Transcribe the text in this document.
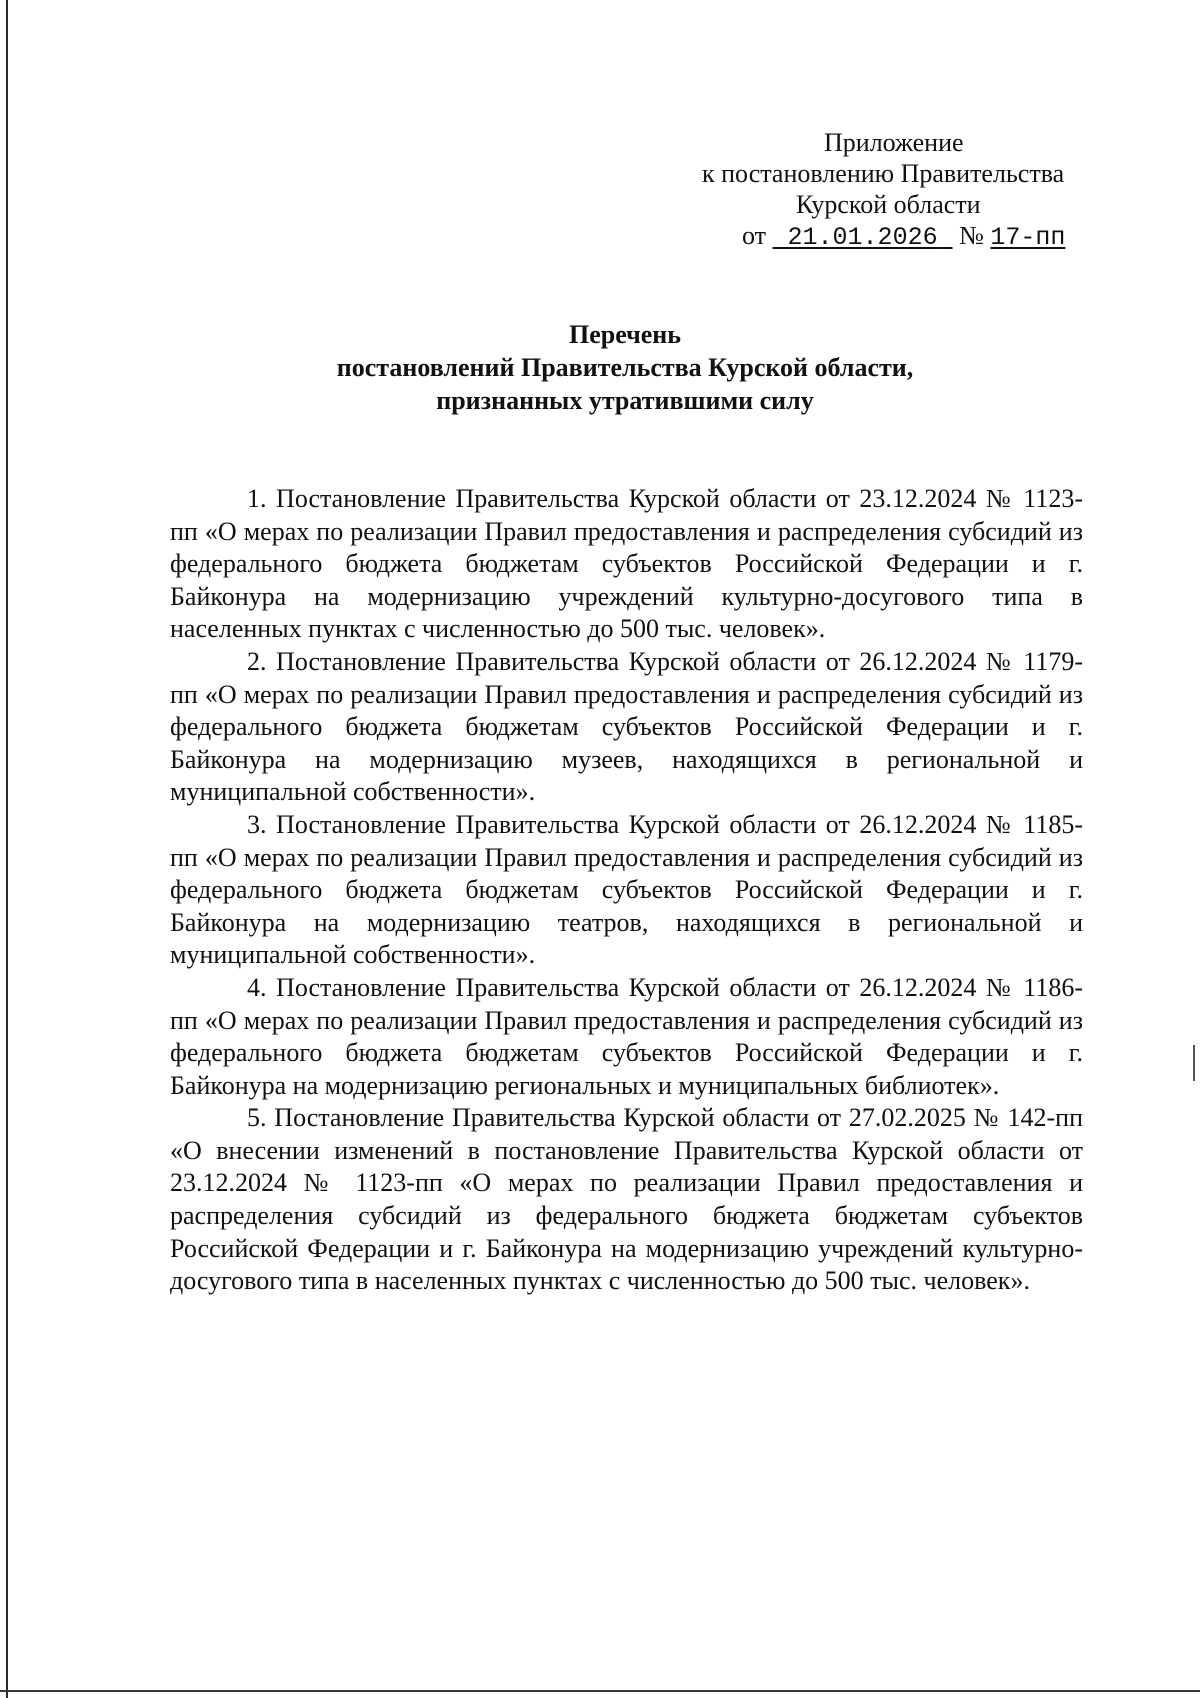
Приложение
к постановлению Правительства
Курской области
от 21.01.2026 № 17-пп
Перечень
постановлений Правительства Курской области,
признанных утратившими силу

1. Постановление Правительства Курской области от 23.12.2024 № 1123-пп «О мерах по реализации Правил предоставления и распределения субсидий из федерального бюджета бюджетам субъектов Российской Федерации и г. Байконура на модернизацию учреждений культурно-досугового типа в населенных пунктах с численностью до 500 тыс. человек».

2. Постановление Правительства Курской области от 26.12.2024 № 1179-пп «О мерах по реализации Правил предоставления и распределения субсидий из федерального бюджета бюджетам субъектов Российской Федерации и г. Байконура на модернизацию музеев, находящихся в региональной и муниципальной собственности».

3. Постановление Правительства Курской области от 26.12.2024 № 1185-пп «О мерах по реализации Правил предоставления и распределения субсидий из федерального бюджета бюджетам субъектов Российской Федерации и г. Байконура на модернизацию театров, находящихся в региональной и муниципальной собственности».

4. Постановление Правительства Курской области от 26.12.2024 № 1186-пп «О мерах по реализации Правил предоставления и распределения субсидий из федерального бюджета бюджетам субъектов Российской Федерации и г. Байконура на модернизацию региональных и муниципальных библиотек».

5. Постановление Правительства Курской области от 27.02.2025 № 142-пп «О внесении изменений в постановление Правительства Курской области от 23.12.2024 № 1123-пп «О мерах по реализации Правил предоставления и распределения субсидий из федерального бюджета бюджетам субъектов Российской Федерации и г. Байконура на модернизацию учреждений культурно-досугового типа в населенных пунктах с численностью до 500 тыс. человек».
